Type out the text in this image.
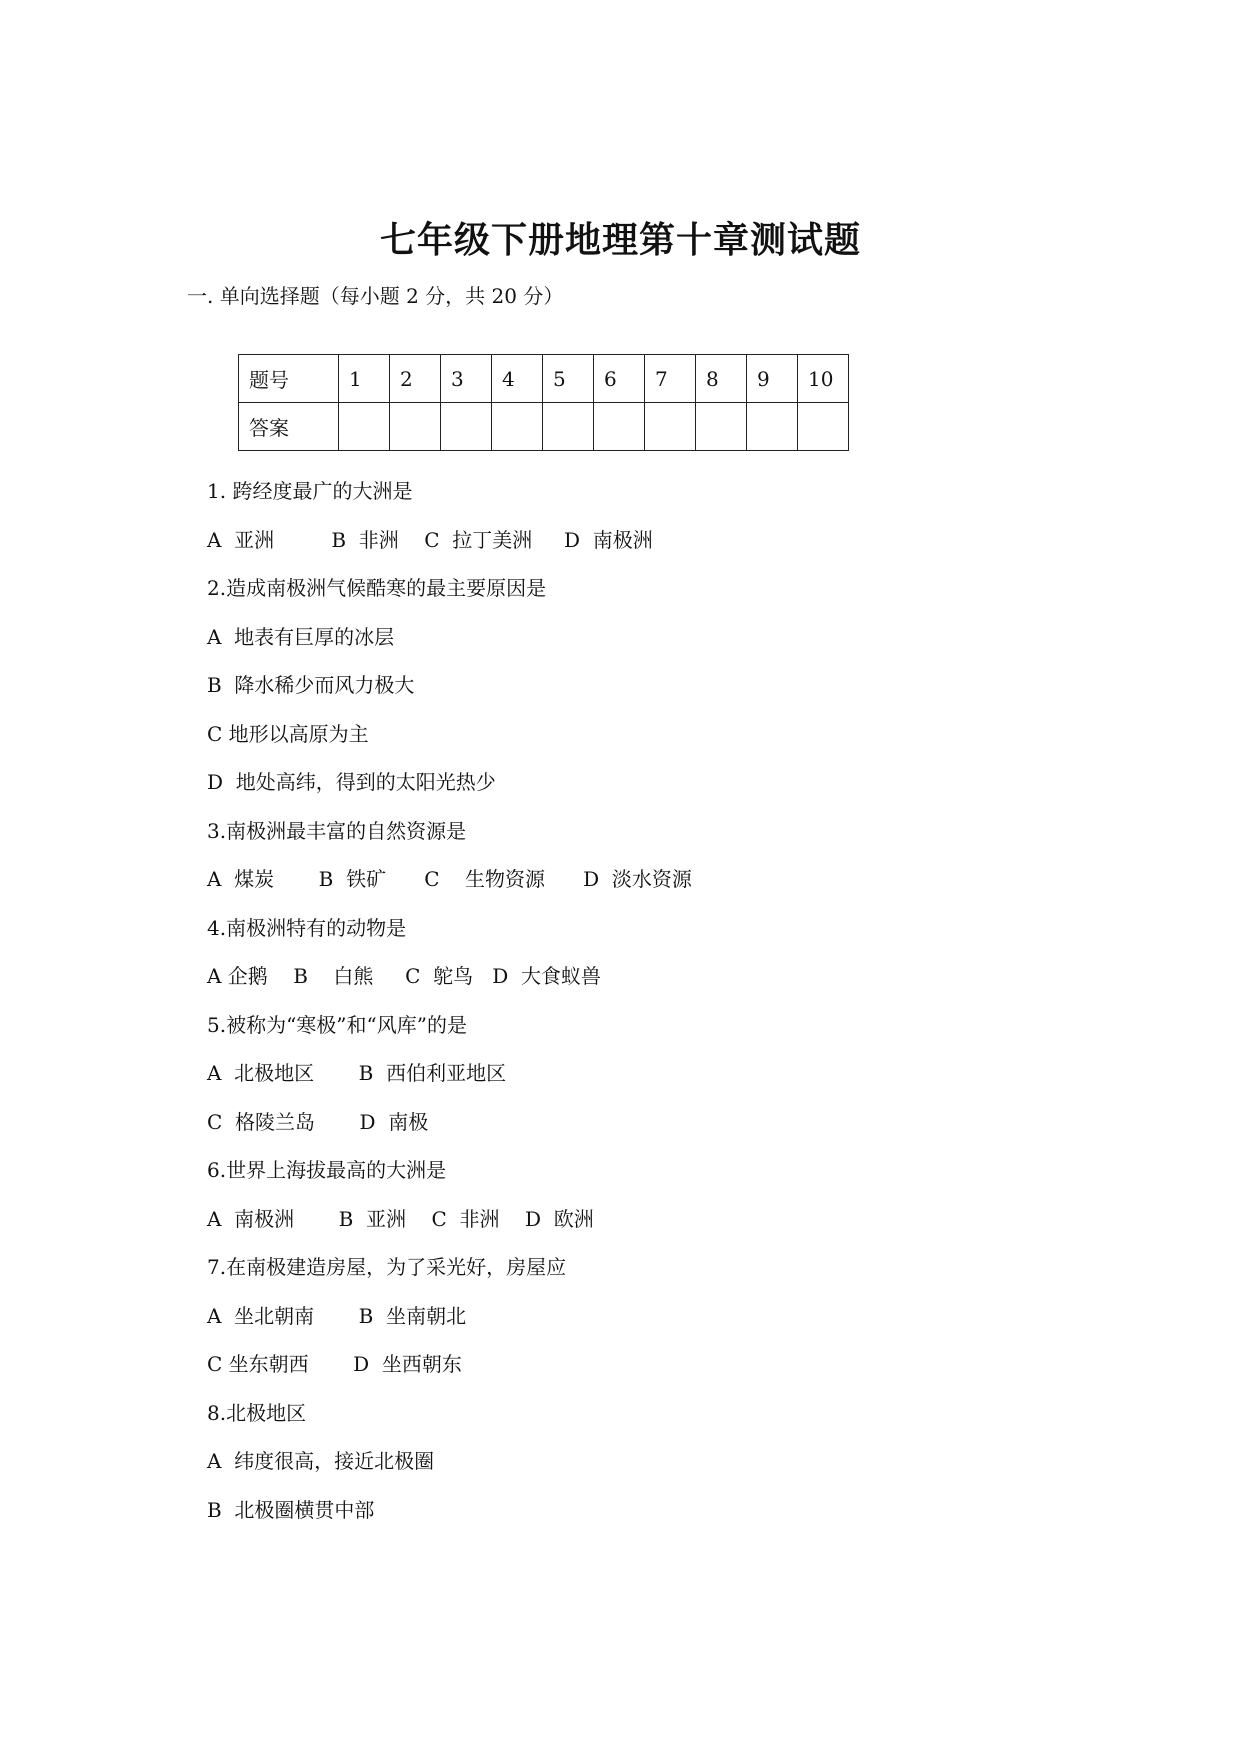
七年级下册地理第十章测试题
一. 单向选择题（每小题 2 分，共 20 分）
题号	1	2	3	4	5	6	7	8	9	10
答案										
1. 跨经度最广的大洲是
A  亚洲         B  非洲    C  拉丁美洲     D  南极洲
2.造成南极洲气候酷寒的最主要原因是
A  地表有巨厚的冰层
B  降水稀少而风力极大
C 地形以高原为主
D  地处高纬，得到的太阳光热少
3.南极洲最丰富的自然资源是
A  煤炭       B  铁矿      C    生物资源      D  淡水资源
4.南极洲特有的动物是
A 企鹅    B    白熊     C  鸵鸟   D  大食蚁兽
5.被称为“寒极”和“风库”的是
A  北极地区       B  西伯利亚地区
C  格陵兰岛       D  南极
6.世界上海拔最高的大洲是
A  南极洲       B  亚洲    C  非洲    D  欧洲
7.在南极建造房屋，为了采光好，房屋应
A  坐北朝南       B  坐南朝北
C 坐东朝西       D  坐西朝东
8.北极地区
A  纬度很高，接近北极圈
B  北极圈横贯中部
